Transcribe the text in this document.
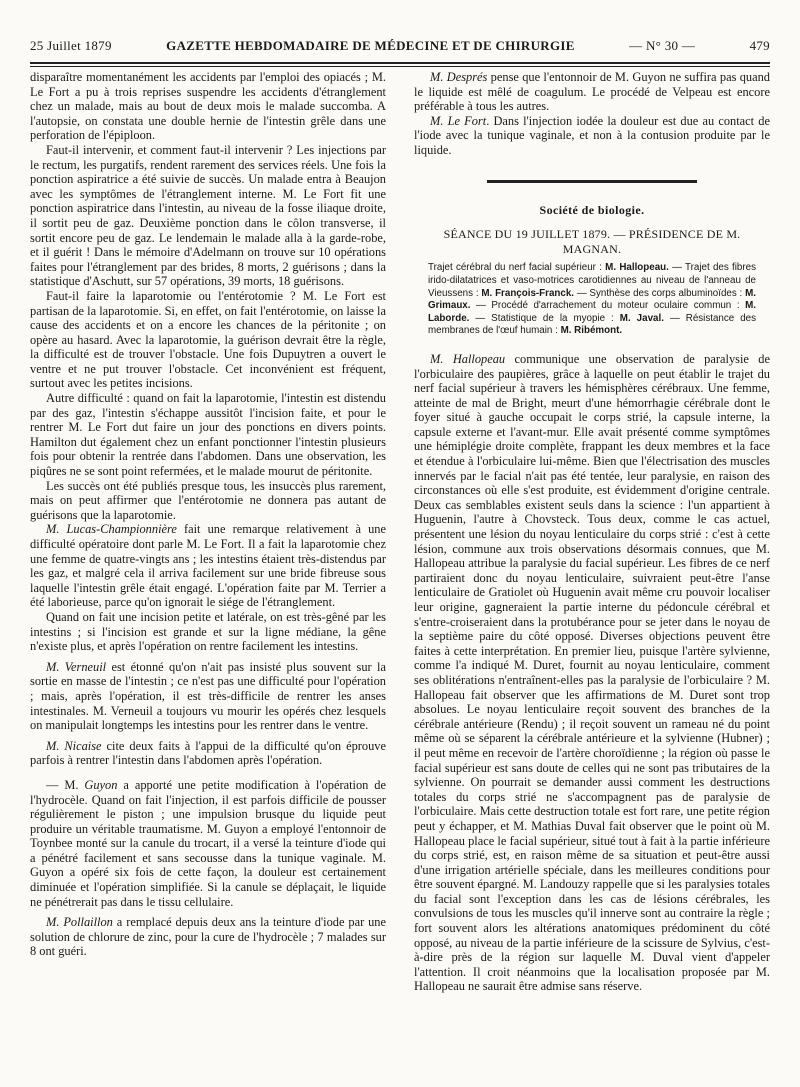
25 Juillet 1879	GAZETTE HEBDOMADAIRE DE MÉDECINE ET DE CHIRURGIE	— N° 30 —	479

disparaître momentanément les accidents par l'emploi des opiacés ; M. Le Fort a pu à trois reprises suspendre les accidents d'étranglement chez un malade, mais au bout de deux mois le malade succomba. A l'autopsie, on constata une double hernie de l'intestin grêle dans une perforation de l'épiploon.

Faut-il intervenir, et comment faut-il intervenir ? Les injections par le rectum, les purgatifs, rendent rarement des services réels. Une fois la ponction aspiratrice a été suivie de succès. Un malade entra à Beaujon avec les symptômes de l'étranglement interne. M. Le Fort fit une ponction aspiratrice dans l'intestin, au niveau de la fosse iliaque droite, il sortit peu de gaz. Deuxième ponction dans le côlon transverse, il sortit encore peu de gaz. Le lendemain le malade alla à la garde-robe, et il guérit ! Dans le mémoire d'Adelmann on trouve sur 10 opérations faites pour l'étranglement par des brides, 8 morts, 2 guérisons ; dans la statistique d'Aschutt, sur 57 opérations, 39 morts, 18 guérisons.

Faut-il faire la laparotomie ou l'entérotomie ? M. Le Fort est partisan de la laparotomie. Si, en effet, on fait l'entérotomie, on laisse la cause des accidents et on a encore les chances de la péritonite ; on opère au hasard. Avec la laparotomie, la guérison devrait être la règle, la difficulté est de trouver l'obstacle. Une fois Dupuytren a ouvert le ventre et ne put trouver l'obstacle. Cet inconvénient est fréquent, surtout avec les petites incisions.

Autre difficulté : quand on fait la laparotomie, l'intestin est distendu par des gaz, l'intestin s'échappe aussitôt l'incision faite, et pour le rentrer M. Le Fort dut faire un jour des ponctions en divers points. Hamilton dut également chez un enfant ponctionner l'intestin plusieurs fois pour obtenir la rentrée dans l'abdomen. Dans une observation, les piqûres ne se sont point refermées, et le malade mourut de péritonite.

Les succès ont été publiés presque tous, les insuccès plus rarement, mais on peut affirmer que l'entérotomie ne donnera pas autant de guérisons que la laparotomie.

M. Lucas-Championnière fait une remarque relativement à une difficulté opératoire dont parle M. Le Fort. Il a fait la laparotomie chez une femme de quatre-vingts ans ; les intestins étaient très-distendus par les gaz, et malgré cela il arriva facilement sur une bride fibreuse sous laquelle l'intestin grêle était engagé. L'opération faite par M. Terrier a été laborieuse, parce qu'on ignorait le siége de l'étranglement.

Quand on fait une incision petite et latérale, on est très-gêné par les intestins ; si l'incision est grande et sur la ligne médiane, la gêne n'existe plus, et après l'opération on rentre facilement les intestins.

M. Verneuil est étonné qu'on n'ait pas insisté plus souvent sur la sortie en masse de l'intestin ; ce n'est pas une difficulté pour l'opération ; mais, après l'opération, il est très-difficile de rentrer les anses intestinales. M. Verneuil a toujours vu mourir les opérés chez lesquels on manipulait longtemps les intestins pour les rentrer dans le ventre.

M. Nicaise cite deux faits à l'appui de la difficulté qu'on éprouve parfois à rentrer l'intestin dans l'abdomen après l'opération.

— M. Guyon a apporté une petite modification à l'opération de l'hydrocèle. Quand on fait l'injection, il est parfois difficile de pousser régulièrement le piston ; une impulsion brusque du liquide peut produire un véritable traumatisme. M. Guyon a employé l'entonnoir de Toynbee monté sur la canule du trocart, il a versé la teinture d'iode qui a pénétré facilement et sans secousse dans la tunique vaginale. M. Guyon a opéré six fois de cette façon, la douleur est certainement diminuée et l'opération simplifiée. Si la canule se déplaçait, le liquide ne pénétrerait pas dans le tissu cellulaire.

M. Pollaillon a remplacé depuis deux ans la teinture d'iode par une solution de chlorure de zinc, pour la cure de l'hydrocèle ; 7 malades sur 8 ont guéri.

M. Després pense que l'entonnoir de M. Guyon ne suffira pas quand le liquide est mêlé de coagulum. Le procédé de Velpeau est encore préférable à tous les autres.

M. Le Fort. Dans l'injection iodée la douleur est due au contact de l'iode avec la tunique vaginale, et non à la contusion produite par le liquide.

Société de biologie.
SÉANCE DU 19 JUILLET 1879. — PRÉSIDENCE DE M. MAGNAN.
Trajet cérébral du nerf facial supérieur : M. Hallopeau. — Trajet des fibres irido-dilatatrices et vaso-motrices carotidiennes au niveau de l'anneau de Vieussens : M. François-Franck. — Synthèse des corps albuminoïdes : M. Grimaux. — Procédé d'arrachement du moteur oculaire commun : M. Laborde. — Statistique de la myopie : M. Javal. — Résistance des membranes de l'œuf humain : M. Ribémont.

M. Hallopeau communique une observation de paralysie de l'orbiculaire des paupières, grâce à laquelle on peut établir le trajet du nerf facial supérieur à travers les hémisphères cérébraux. Une femme, atteinte de mal de Bright, meurt d'une hémorrhagie cérébrale dont le foyer situé à gauche occupait le corps strié, la capsule interne, la capsule externe et l'avant-mur. Elle avait présenté comme symptômes une hémiplégie droite complète, frappant les deux membres et la face et étendue à l'orbiculaire lui-même. Bien que l'électrisation des muscles innervés par le facial n'ait pas été tentée, leur paralysie, en raison des circonstances où elle s'est produite, est évidemment d'origine centrale. Deux cas semblables existent seuls dans la science : l'un appartient à Huguenin, l'autre à Chovsteck. Tous deux, comme le cas actuel, présentent une lésion du noyau lenticulaire du corps strié : c'est à cette lésion, commune aux trois observations désormais connues, que M. Hallopeau attribue la paralysie du facial supérieur. Les fibres de ce nerf partiraient donc du noyau lenticulaire, suivraient peut-être l'anse lenticulaire de Gratiolet où Huguenin avait même cru pouvoir localiser leur origine, gagneraient la partie interne du pédoncule cérébral et s'entre-croiseraient dans la protubérance pour se jeter dans le noyau de la septième paire du côté opposé. Diverses objections peuvent être faites à cette interprétation. En premier lieu, puisque l'artère sylvienne, comme l'a indiqué M. Duret, fournit au noyau lenticulaire, comment ses oblitérations n'entraînent-elles pas la paralysie de l'orbiculaire ? M. Hallopeau fait observer que les affirmations de M. Duret sont trop absolues. Le noyau lenticulaire reçoit souvent des branches de la cérébrale antérieure (Rendu) ; il reçoit souvent un rameau né du point même où se séparent la cérébrale antérieure et la sylvienne (Hubner) ; il peut même en recevoir de l'artère choroïdienne ; la région où passe le facial supérieur est sans doute de celles qui ne sont pas tributaires de la sylvienne. On pourrait se demander aussi comment les destructions totales du corps strié ne s'accompagnent pas de paralysie de l'orbiculaire. Mais cette destruction totale est fort rare, une petite région peut y échapper, et M. Mathias Duval fait observer que le point où M. Hallopeau place le facial supérieur, situé tout à fait à la partie inférieure du corps strié, est, en raison même de sa situation et peut-être aussi d'une irrigation artérielle spéciale, dans les meilleures conditions pour être souvent épargné. M. Landouzy rappelle que si les paralysies totales du facial sont l'exception dans les cas de lésions cérébrales, les convulsions de tous les muscles qu'il innerve sont au contraire la règle ; fort souvent alors les altérations anatomiques prédominent du côté opposé, au niveau de la partie inférieure de la scissure de Sylvius, c'est-à-dire près de la région sur laquelle M. Duval vient d'appeler l'attention. Il croit néanmoins que la localisation proposée par M. Hallopeau ne saurait être admise sans réserve.
